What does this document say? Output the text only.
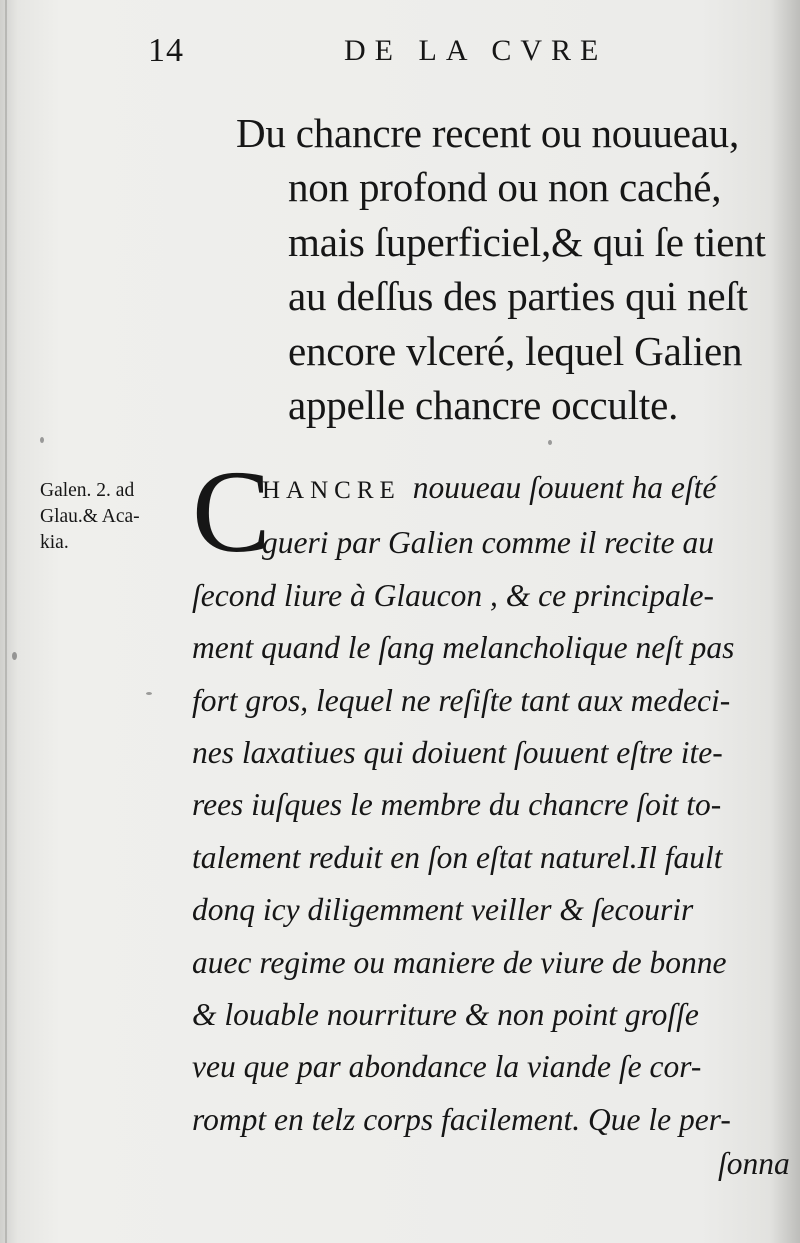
14	DE LA CVRE
Du chancre recent ou nouueau,
non profond ou non caché,
mais ſuperficiel,& qui ſe tient
au deſſus des parties qui neſt
encore vlceré, lequel Galien
appelle chancre occulte.
Galen. 2. ad
Glau.& Aca-
kia.	C
HANCRE nouueau ſouuent ha eſté
gueri par Galien comme il recite au
ſecond liure à Glaucon , & ce principale-
ment quand le ſang melancholique neſt pas
fort gros, lequel ne reſiſte tant aux medeci-
nes laxatiues qui doiuent ſouuent eſtre ite-
rees iuſques le membre du chancre ſoit to-
talement reduit en ſon eſtat naturel.Il fault
donq icy diligemment veiller & ſecourir
auec regime ou maniere de viure de bonne
& louable nourriture & non point groſſe
veu que par abondance la viande ſe cor-
rompt en telz corps facilement. Que le per-
ſonna
